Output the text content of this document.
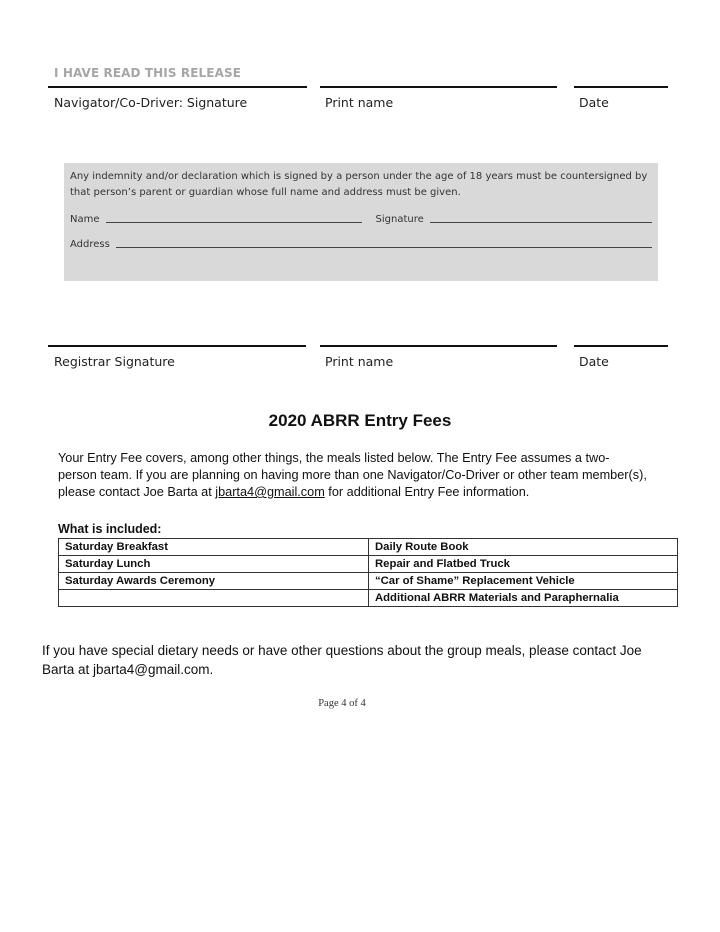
I HAVE READ THIS RELEASE
Navigator/Co-Driver: Signature	Print name	Date

Any indemnity and/or declaration which is signed by a person under the age of 18 years must be countersigned by that person’s parent or guardian whose full name and address must be given.

Name	Signature
Address
Registrar Signature	Print name	Date
2020 ABRR Entry Fees

Your Entry Fee covers, among other things, the meals listed below. The Entry Fee assumes a two-person team. If you are planning on having more than one Navigator/Co-Driver or other team member(s), please contact Joe Barta at jbarta4@gmail.com for additional Entry Fee information.

What is included:
Saturday Breakfast	Daily Route Book
Saturday Lunch	Repair and Flatbed Truck
Saturday Awards Ceremony	“Car of Shame” Replacement Vehicle
	Additional ABRR Materials and Paraphernalia

If you have special dietary needs or have other questions about the group meals, please contact Joe Barta at jbarta4@gmail.com.

Page 4 of 4
